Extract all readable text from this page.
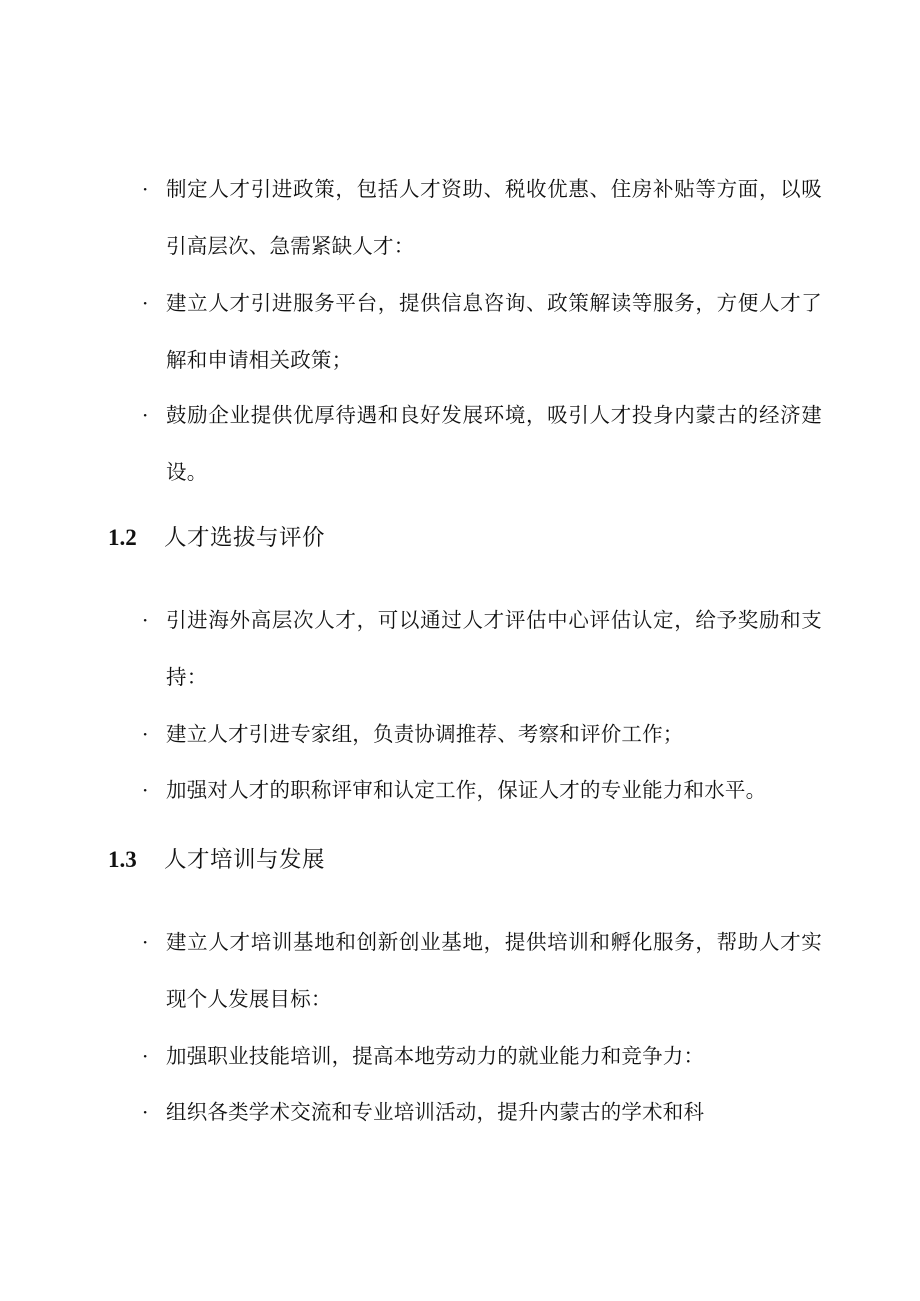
· 制定人才引进政策，包括人才资助、税收优惠、住房补贴等方面，以吸引高层次、急需紧缺人才：
· 建立人才引进服务平台，提供信息咨询、政策解读等服务，方便人才了解和申请相关政策；
· 鼓励企业提供优厚待遇和良好发展环境，吸引人才投身内蒙古的经济建设。
1.2 人才选拔与评价
· 引进海外高层次人才，可以通过人才评估中心评估认定，给予奖励和支持：
· 建立人才引进专家组，负责协调推荐、考察和评价工作；
· 加强对人才的职称评审和认定工作，保证人才的专业能力和水平。
1.3 人才培训与发展
· 建立人才培训基地和创新创业基地，提供培训和孵化服务，帮助人才实现个人发展目标：
· 加强职业技能培训，提高本地劳动力的就业能力和竞争力：
· 组织各类学术交流和专业培训活动，提升内蒙古的学术和科
